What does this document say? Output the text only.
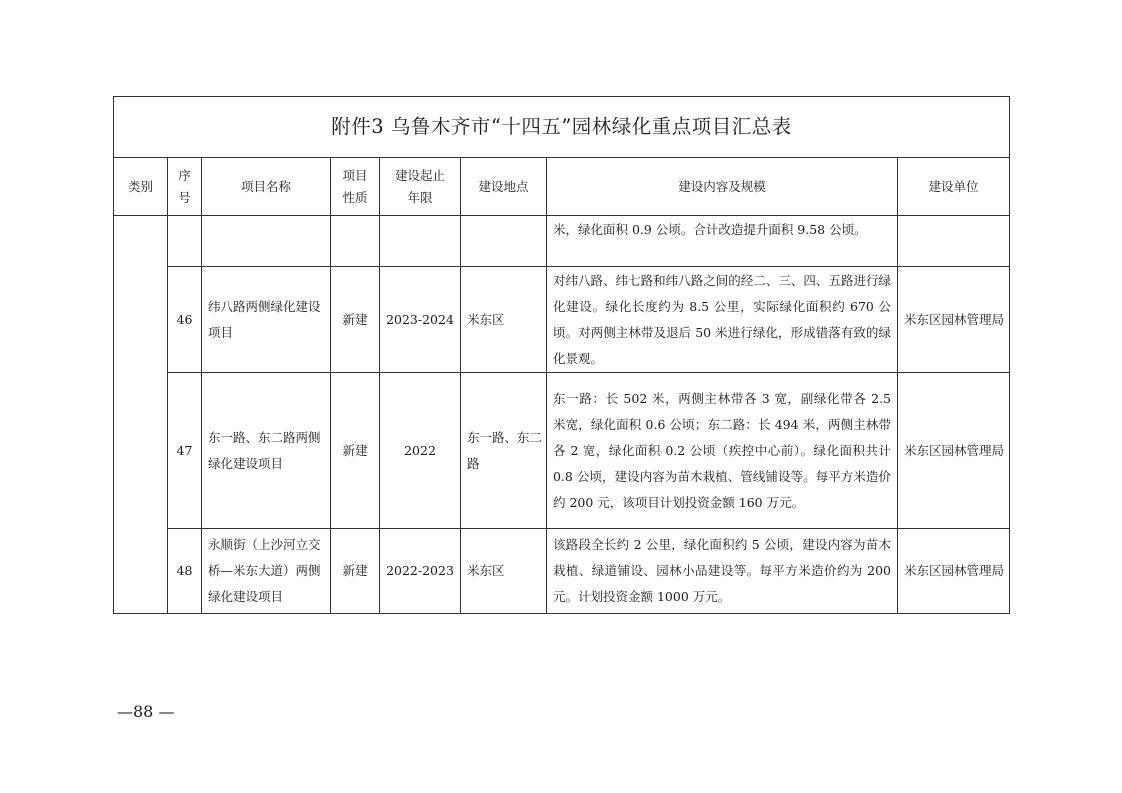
附件3 乌鲁木齐市“十四五”园林绿化重点项目汇总表							
类别	序号	项目名称	项目性质	建设起止年限	建设地点	建设内容及规模	建设单位
						米，绿化面积 0.9 公顷。合计改造提升面积 9.58 公顷。	
	46	纬八路两侧绿化建设项目	新建	2023-2024	米东区	对纬八路、纬七路和纬八路之间的经二、三、四、五路进行绿化建设。绿化长度约为 8.5 公里，实际绿化面积约 670 公顷。对两侧主林带及退后 50 米进行绿化，形成错落有致的绿化景观。	米东区园林管理局
	47	东一路、东二路两侧绿化建设项目	新建	2022	东一路、东二路	东一路：长 502 米，两侧主林带各 3 宽，副绿化带各 2.5 米宽，绿化面积 0.6 公顷；东二路：长 494 米，两侧主林带各 2 宽，绿化面积 0.2 公顷（疾控中心前）。绿化面积共计 0.8 公顷，建设内容为苗木栽植、管线铺设等。每平方米造价约 200 元，该项目计划投资金额 160 万元。	米东区园林管理局
	48	永顺街（上沙河立交桥—米东大道）两侧绿化建设项目	新建	2022-2023	米东区	该路段全长约 2 公里，绿化面积约 5 公顷，建设内容为苗木栽植、绿道铺设、园林小品建设等。每平方米造价约为 200 元。计划投资金额 1000 万元。	米东区园林管理局
—88 —
